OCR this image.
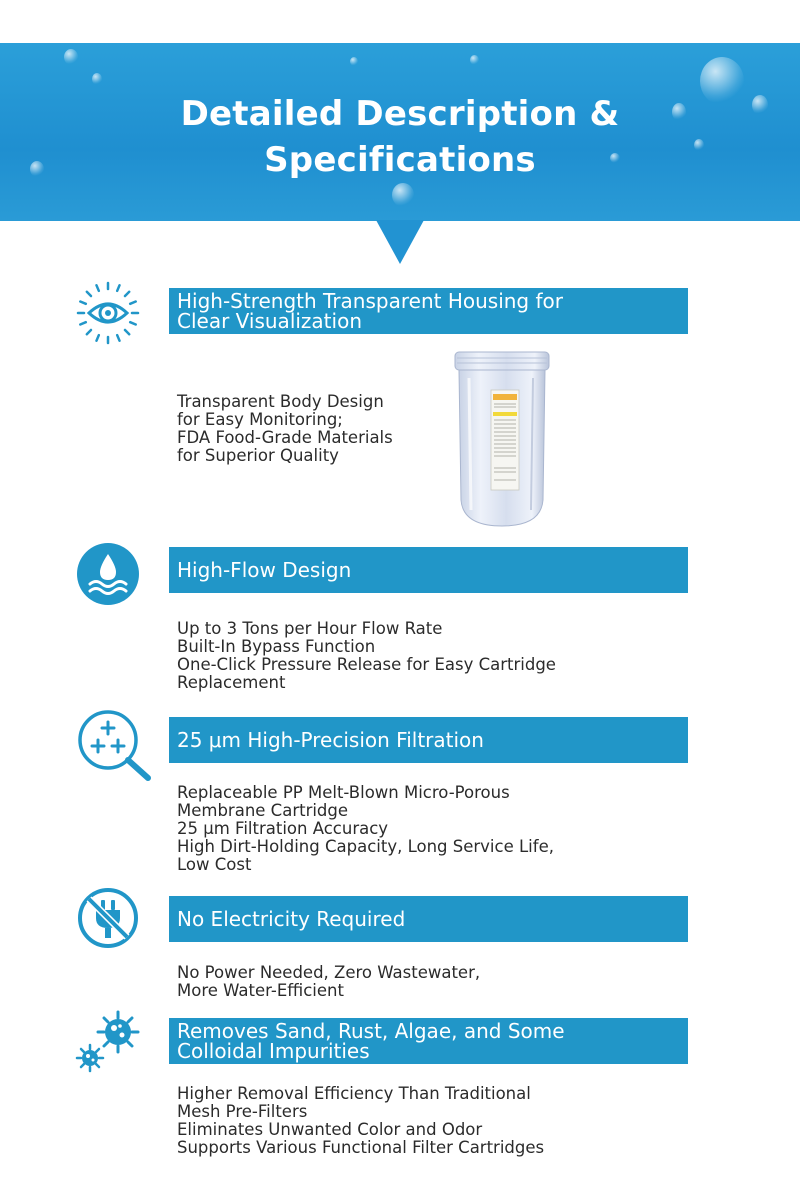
Detailed Description &
Specifications
High-Strength Transparent Housing for
Clear Visualization
Transparent Body Design
for Easy Monitoring;
FDA Food-Grade Materials
for Superior Quality
High-Flow Design
Up to 3 Tons per Hour Flow Rate
Built-In Bypass Function
One-Click Pressure Release for Easy Cartridge
Replacement
25 μm High-Precision Filtration
Replaceable PP Melt-Blown Micro-Porous
Membrane Cartridge
25 μm Filtration Accuracy
High Dirt-Holding Capacity, Long Service Life,
Low Cost
No Electricity Required
No Power Needed, Zero Wastewater,
More Water-Efficient
Removes Sand, Rust, Algae, and Some
Colloidal Impurities
Higher Removal Efficiency Than Traditional
Mesh Pre-Filters
Eliminates Unwanted Color and Odor
Supports Various Functional Filter Cartridges
